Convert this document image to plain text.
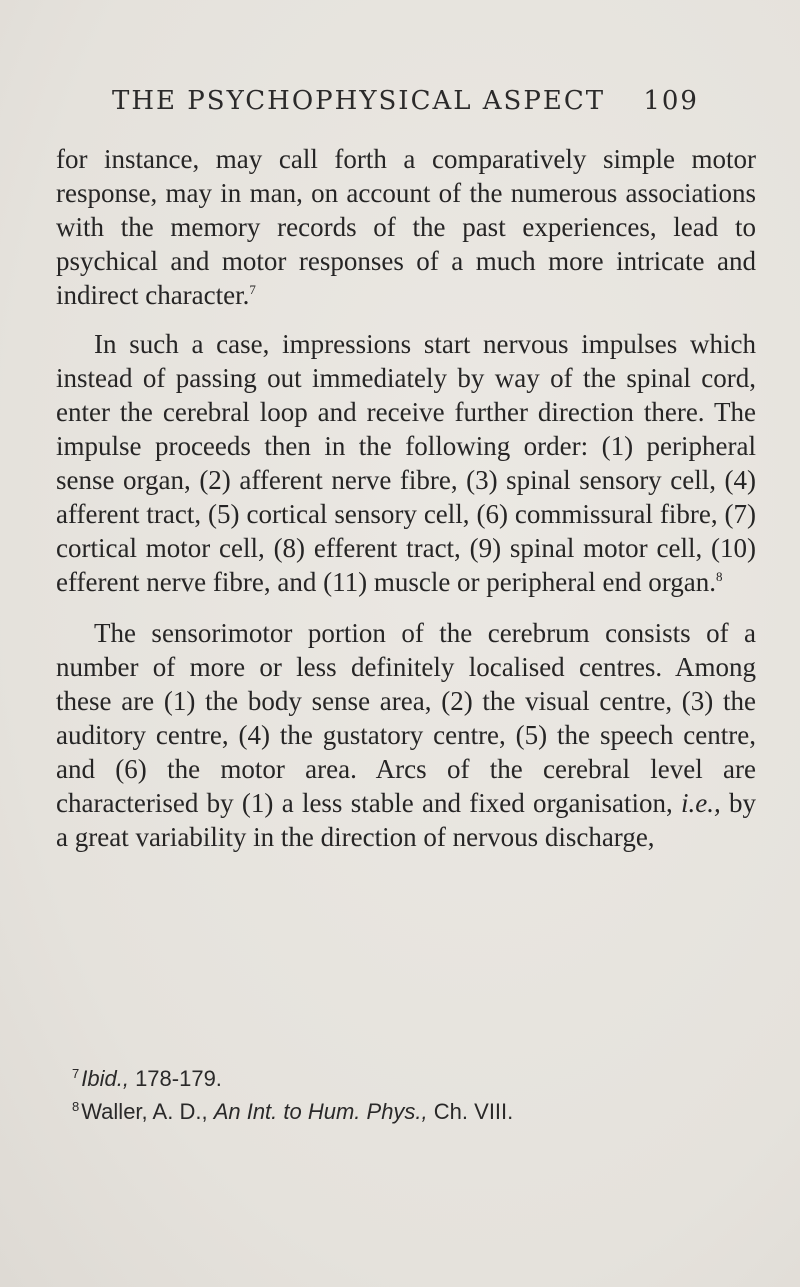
THE PSYCHOPHYSICAL ASPECT 109
for instance, may call forth a comparatively simple motor response, may in man, on account of the numerous associations with the memory records of the past experiences, lead to psychical and motor responses of a much more intricate and indirect character.$^7$
In such a case, impressions start nervous impulses which instead of passing out immediately by way of the spinal cord, enter the cerebral loop and receive further direction there. The impulse proceeds then in the following order: (1) peripheral sense organ, (2) afferent nerve fibre, (3) spinal sensory cell, (4) afferent tract, (5) cortical sensory cell, (6) commissural fibre, (7) cortical motor cell, (8) efferent tract, (9) spinal motor cell, (10) efferent nerve fibre, and (11) muscle or peripheral end organ.$^8$
The sensorimotor portion of the cerebrum consists of a number of more or less definitely localised centres. Among these are (1) the body sense area, (2) the visual centre, (3) the auditory centre, (4) the gustatory centre, (5) the speech centre, and (6) the motor area. Arcs of the cerebral level are characterised by (1) a less stable and fixed organisation, i.e., by a great variability in the direction of nervous discharge,
$^7$Ibid., 178-179.
$^8$Waller, A. D., An Int. to Hum. Phys., Ch. VIII.
